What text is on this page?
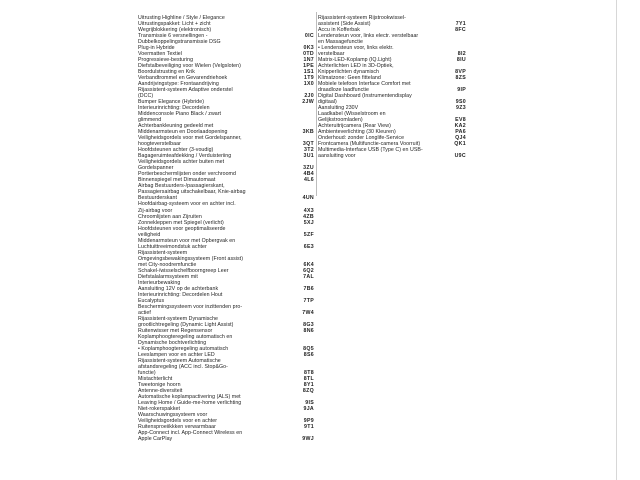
Uitrusting Highline / Style / Elegance
Uitrustingspakket: Licht + zicht
Wegrijblokkering (elektronisch)
Transmissie 6 versnellingen -	0IC
Dubbelkoppelingstransmissie DSG
Plug-in Hybride	0K3
Voermatten Textiel	0TD
Progressieve-besturing	1N7
Diefstalbeveiliging voor Wielen (Velgsloten)	1PE
Boordulstrusting en Krik	1S1
Verbandtrommel en Gevarendriehoek	1T9
Aandrijvingstype: Frontaandrijving	1X0
Rijassistent-systeem Adaptive onderstel
(DCC)	2J0
Bumper Elegance (Hybride)	2JW
Interieurinrichting: Decordelen
Middenconsole Piano Black / zwart
glimmend
Achterbankleuning gedeeld met
Middenarmsteun en Doorlaadopening	3KB
Veiligheidsgordels voor met Gordelspanner,
hoogteverstelbaar	3QT
Hoofdsteunen achter (3-voudig)	3T2
Bagageruimteafdekking / Verduisteriing	3U1
Veiligheidsgordels achter buiten met
Gordelspanner	3ZU
Portierbeschermlijsten onder verchroomd	4B4
Binnenspiegel met Dimautomaat	4L6
Airbag Bestuurders-/passagierskant,
Passagiersairbag uitschakelbaar, Knie-airbag
Bestuurderskant	4UN
Hoofdairbag-systeem voor en achter incl.
Zij-airbag voor	4X3
Chroomlijsten aan Zijruiten	4ZB
Zonnekleppen met Spiegel (verlicht)	5XJ
Hoofdsteunen voor geoptimaliseerde
veiligheid	5ZF
Middenarmsteun voor met Opbergvak en
Luchtuittreeimondstuk achter	6E3
Rijassistent-systeem
Omgevingsbewakingssysteem (Front assist)
met City-noodremfunctie	6K4
Schakel-/wisselschelfboorngreep Leer	6Q2
Diefstalalarmsysteem mit	7AL
Interieurbewaking
Aansluiting 12V op de achterbank	7B6
Interieurinrichting: Decordelen Hout
Eucalyptus	7TP
Beschermingssysteem voor inzittenden pro-
actief	7W4
Rijassistent-systeem Dynamische
grootlichtregeling (Dynamic Light Assist)	8G3
Ruitenwisser met Regensensor	8N6
Koplamphoogteregeling automatisch en
Dynamische bochtverlichting
• Koplamphoogteregeling automatisch	8Q5
Leeslampen voor en achter LED	8S6
Rijassistent-systeem Automatische
afstandsregeling (ACC incl. Stop&Go-
functie)	8T8
Mistachterlicht	8TL
Tweetonige hoorn	8Y1
Antenne-diversiteit	8ZQ
Automatische koplampactivering (ALS) met
Leaving Home / Guide-me-home verlichting	9IS
Niet-rokerspakket	9JA
Waarschuwingssysteem voor
Veiligheidsgordels voor en achter	9P9
Ruitensproeiikkken verwarmbaar	9T1
App-Connect incl. App-Connect Wireless en
Apple CarPlay	9WJ
Rijassistent-systeem Rijstrookwissel-
assistent (Side Assist)	7Y1
Accu in Kofferbak	8FC
Lendensteun voor, links electr. verstelbaar
en Massagefunctie
• Lendensteun voor, links elektr.
verstelbaar	8I2
Matrix-LED-Koplamp (IQ.Light)	8IU
Achterlichten LED in 3D-Optiek,
Knipperlichten dynamisch	8VP
Klimatzone: Geen fitteland	8ZS
Mobiele telefoon Interface Comfort met
draadloze laadfunctie	9IP
Digital Dashboard (Instrumentendisplay
digitaal)	9S0
Aansluiting 230V	9Z3
Laadkabel (Wisselstroom en
Gelijkstroomladen)	EV8
Achteruitrijcamera (Rear View)	KA2
Ambienteverlichting (30 Kleuren)	PA6
Onderhoud: zonder Longlife-Service	QJ4
Frontcamera (Multifunctie-camera Voorruit)	QK1
Multimedia-Interface USB (Type C) en USB-
aansluiting voor	U9C
